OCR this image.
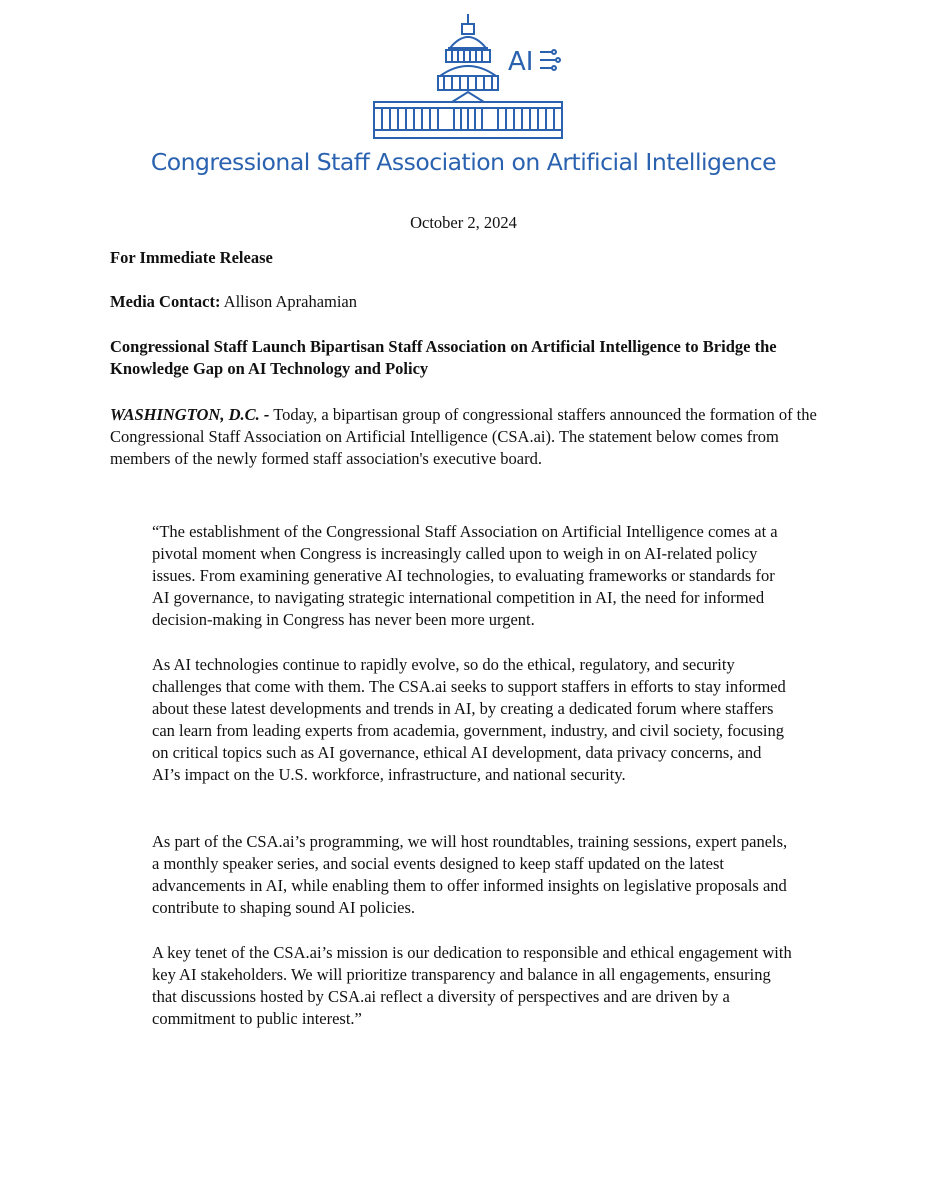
AI
Congressional Staff Association on Artificial Intelligence
October 2, 2024
For Immediate Release
Media Contact: Allison Aprahamian
Congressional Staff Launch Bipartisan Staff Association on Artificial Intelligence to Bridge the Knowledge Gap on AI Technology and Policy
WASHINGTON, D.C. - Today, a bipartisan group of congressional staffers announced the formation of the Congressional Staff Association on Artificial Intelligence (CSA.ai). The statement below comes from members of the newly formed staff association's executive board.
“The establishment of the Congressional Staff Association on Artificial Intelligence comes at a pivotal moment when Congress is increasingly called upon to weigh in on AI-related policy issues. From examining generative AI technologies, to evaluating frameworks or standards for AI governance, to navigating strategic international competition in AI, the need for informed decision-making in Congress has never been more urgent.
As AI technologies continue to rapidly evolve, so do the ethical, regulatory, and security challenges that come with them. The CSA.ai seeks to support staffers in efforts to stay informed about these latest developments and trends in AI, by creating a dedicated forum where staffers can learn from leading experts from academia, government, industry, and civil society, focusing on critical topics such as AI governance, ethical AI development, data privacy concerns, and AI’s impact on the U.S. workforce, infrastructure, and national security.
As part of the CSA.ai’s programming, we will host roundtables, training sessions, expert panels, a monthly speaker series, and social events designed to keep staff updated on the latest advancements in AI, while enabling them to offer informed insights on legislative proposals and contribute to shaping sound AI policies.
A key tenet of the CSA.ai’s mission is our dedication to responsible and ethical engagement with key AI stakeholders. We will prioritize transparency and balance in all engagements, ensuring that discussions hosted by CSA.ai reflect a diversity of perspectives and are driven by a commitment to public interest.”
